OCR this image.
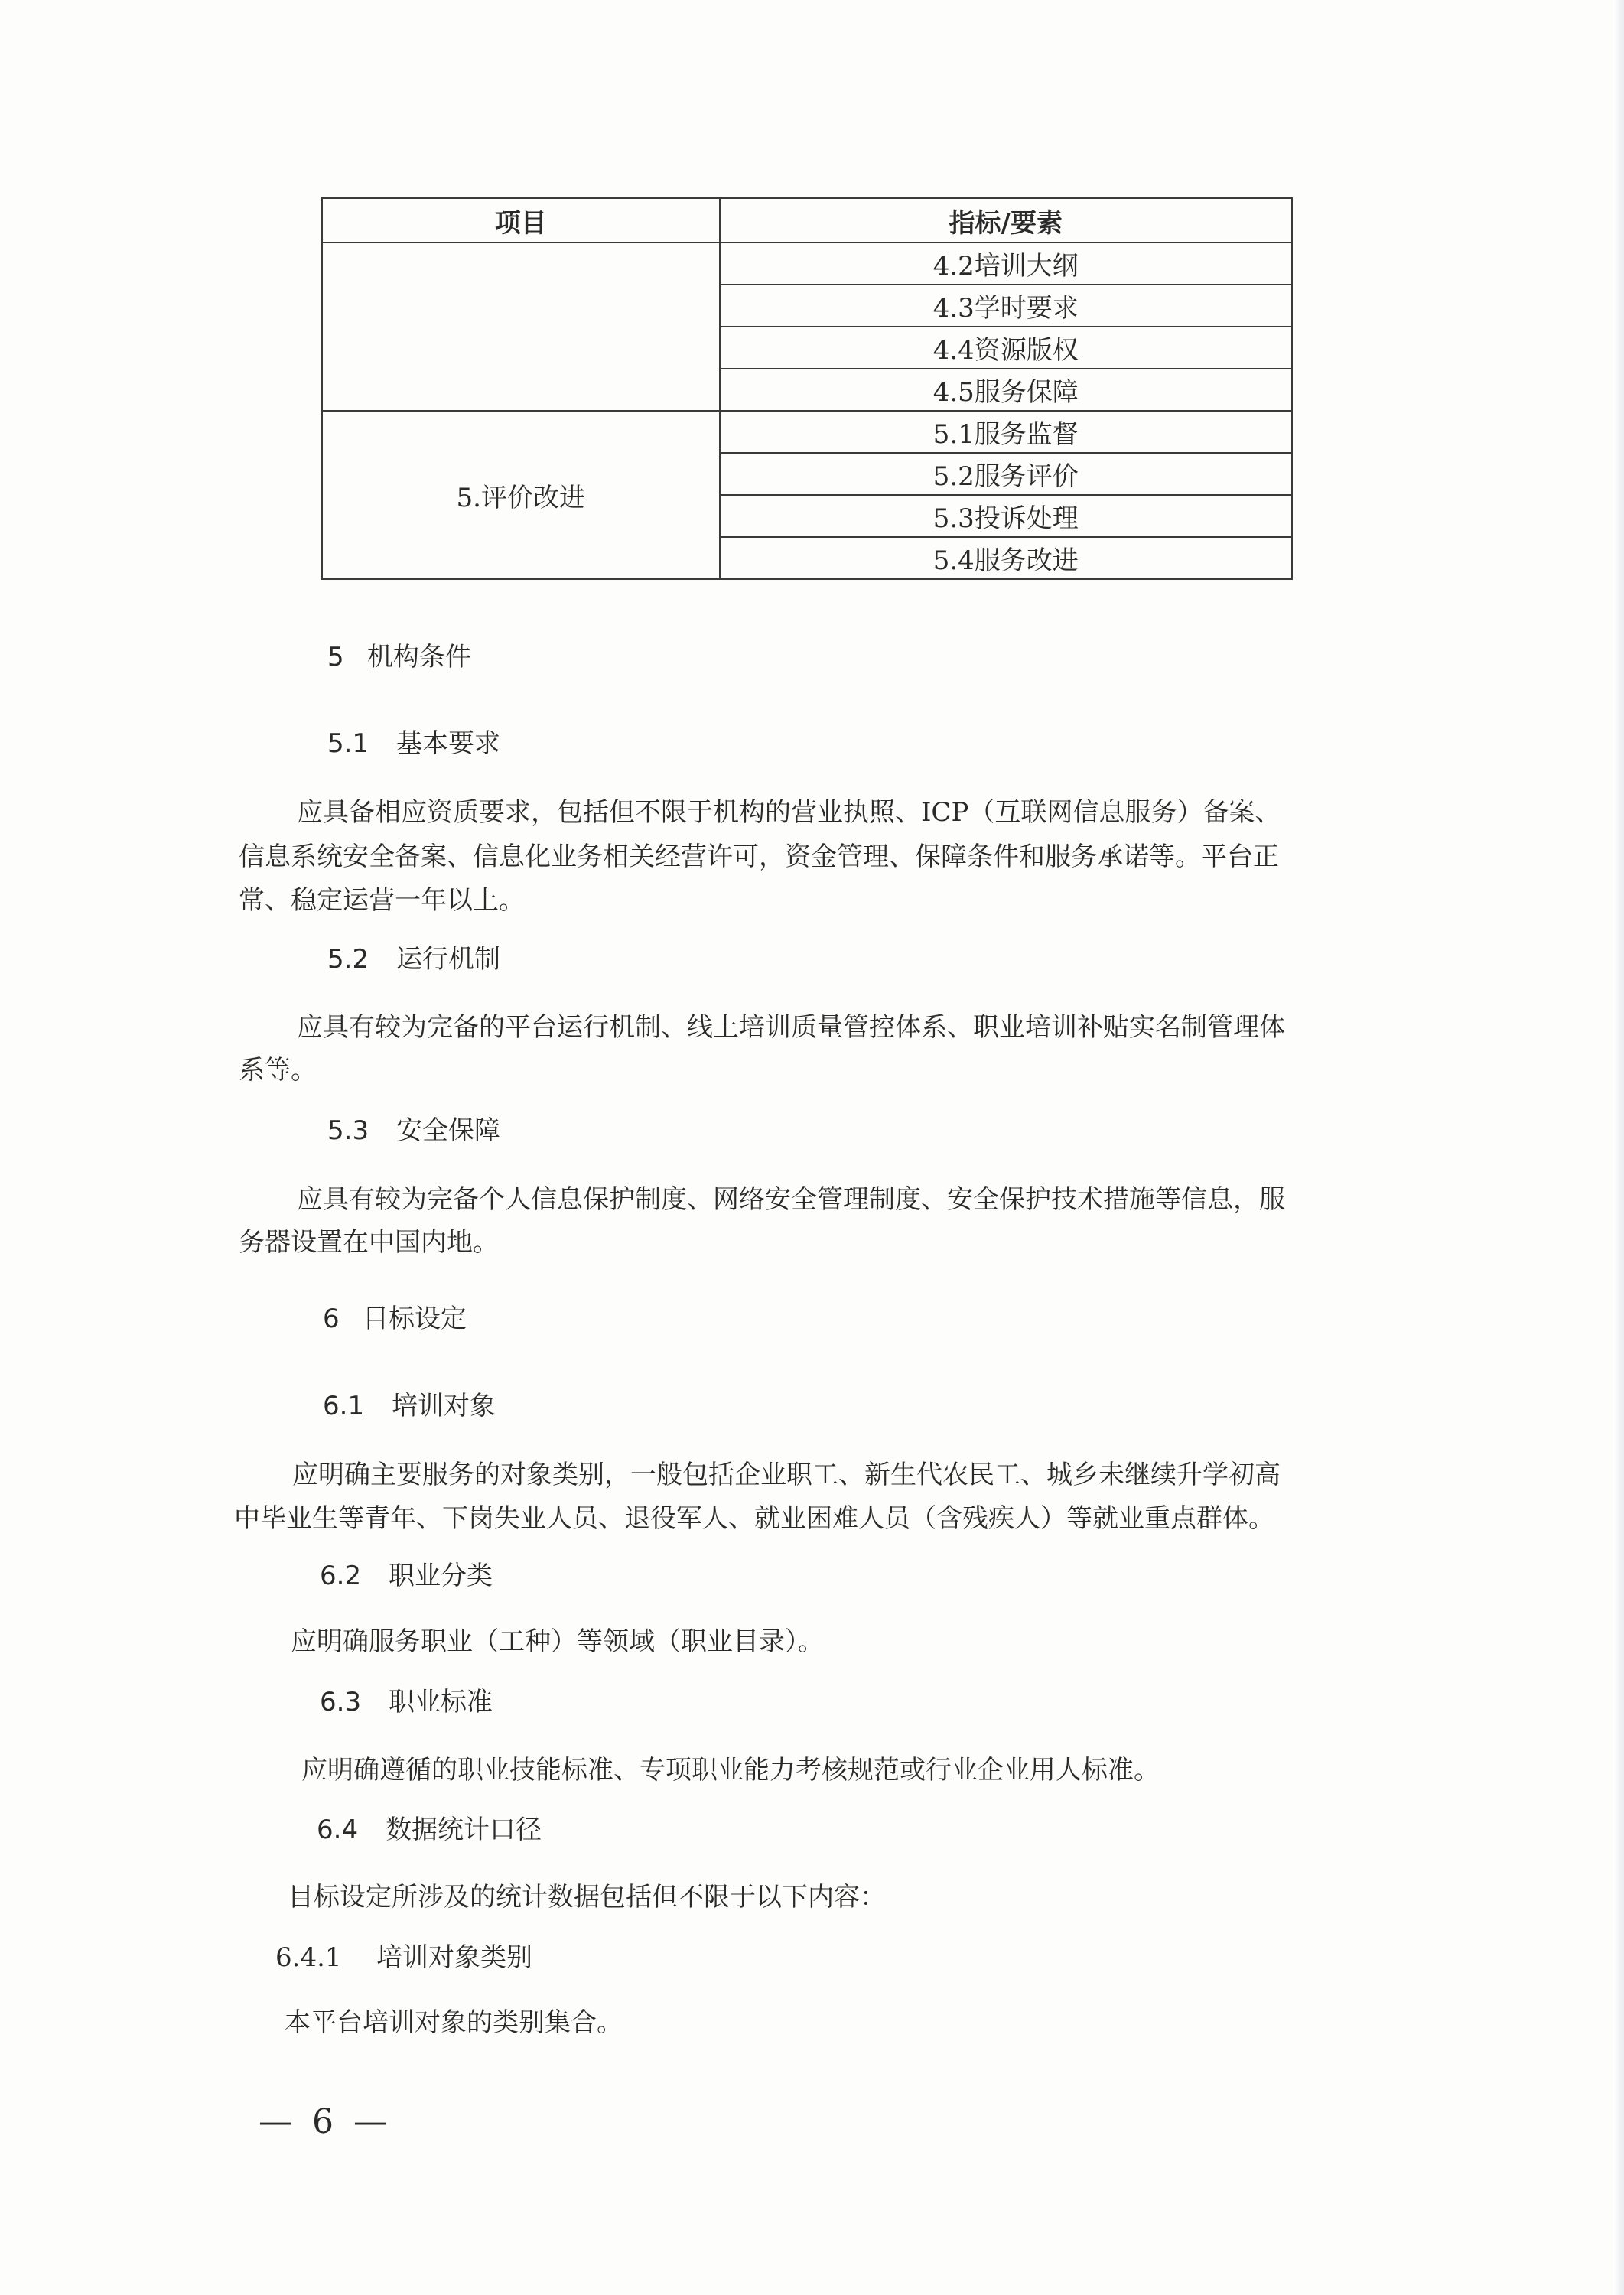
项目	指标/要素
	4.2培训大纲
	4.3学时要求
	4.4资源版权
	4.5服务保障
5.评价改进	5.1服务监督
	5.2服务评价
	5.3投诉处理
	5.4服务改进
5 机构条件
5.1 基本要求
应具备相应资质要求，包括但不限于机构的营业执照、ICP（互联网信息服务）备案、
信息系统安全备案、信息化业务相关经营许可，资金管理、保障条件和服务承诺等。平台正
常、稳定运营一年以上。
5.2 运行机制
应具有较为完备的平台运行机制、线上培训质量管控体系、职业培训补贴实名制管理体
系等。
5.3 安全保障
应具有较为完备个人信息保护制度、网络安全管理制度、安全保护技术措施等信息，服
务器设置在中国内地。
6 目标设定
6.1 培训对象
应明确主要服务的对象类别，一般包括企业职工、新生代农民工、城乡未继续升学初高
中毕业生等青年、下岗失业人员、退役军人、就业困难人员（含残疾人）等就业重点群体。
6.2 职业分类
应明确服务职业（工种）等领域（职业目录）。
6.3 职业标准
应明确遵循的职业技能标准、专项职业能力考核规范或行业企业用人标准。
6.4 数据统计口径
目标设定所涉及的统计数据包括但不限于以下内容：
6.4.1 培训对象类别
本平台培训对象的类别集合。
— 6 —
